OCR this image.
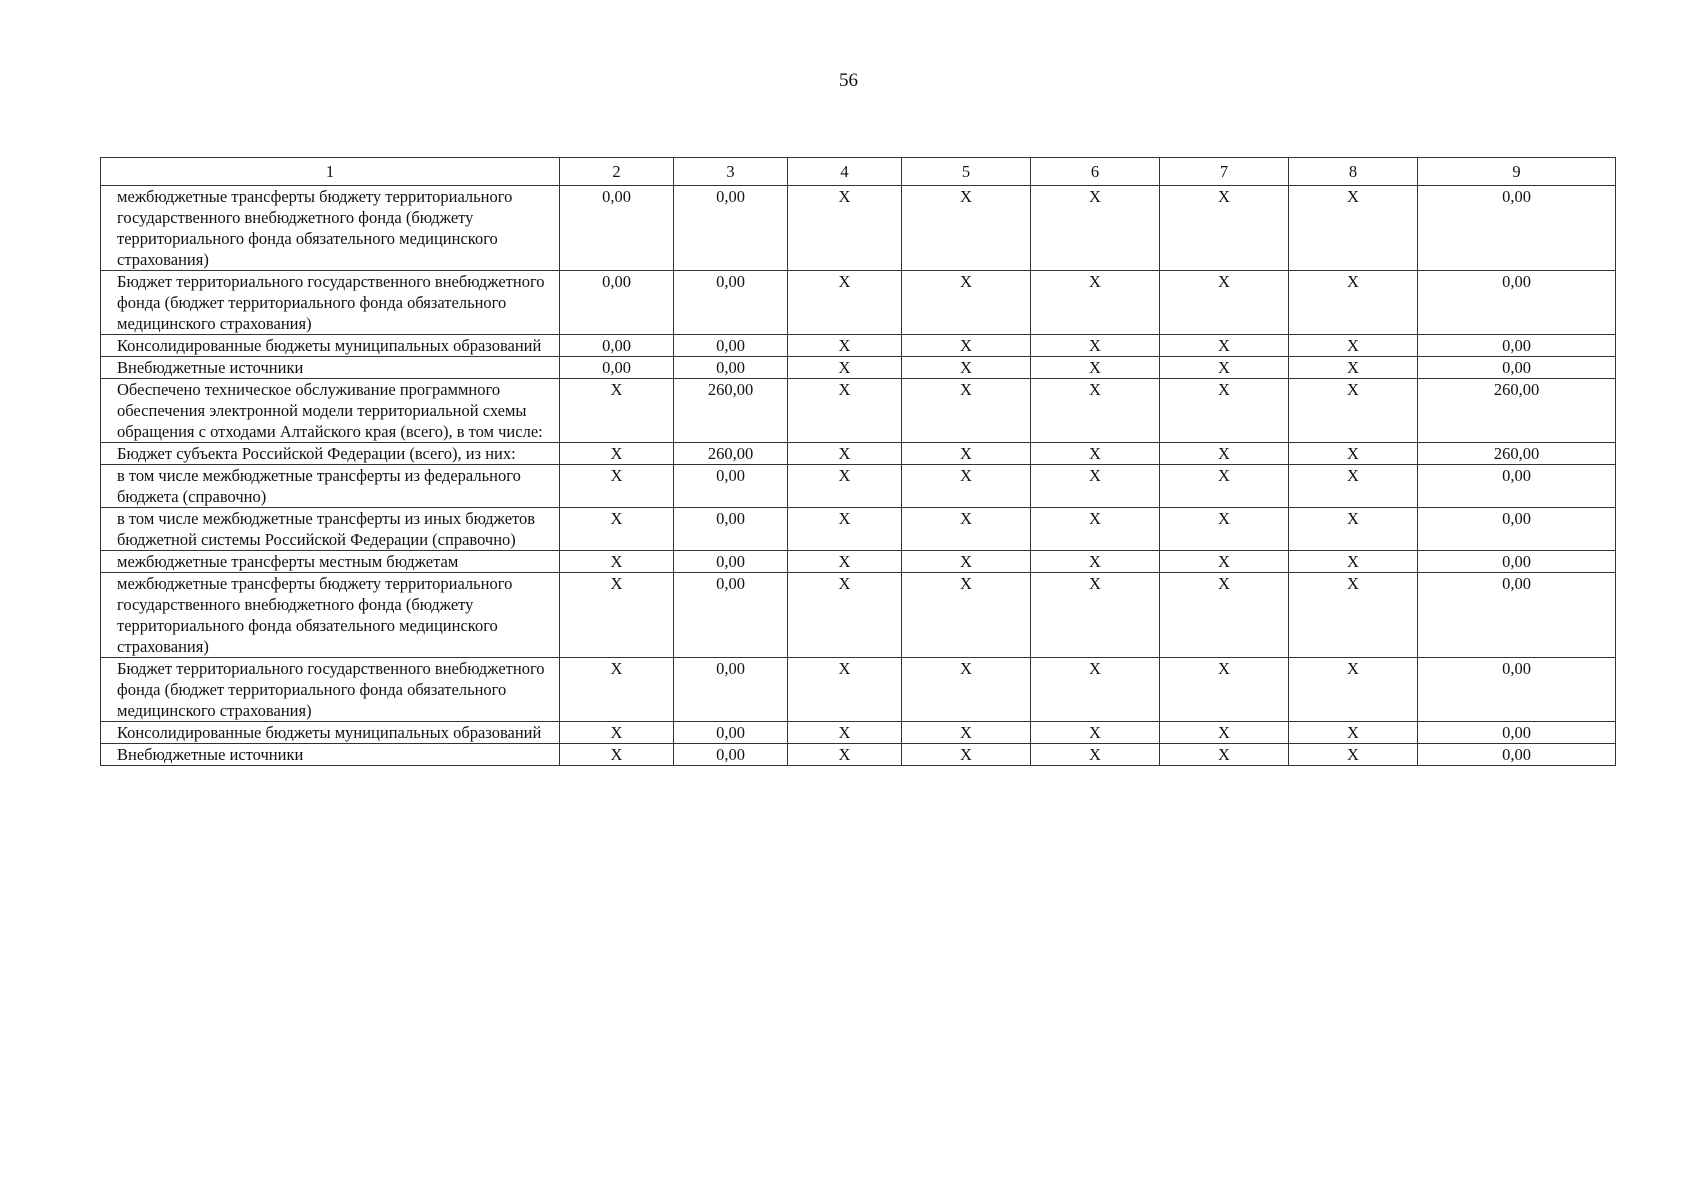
56
1	2	3	4	5	6	7	8	9
межбюджетные трансферты бюджету территориального государственного внебюджетного фонда (бюджету территориального фонда обязательного медицинского страхования)	0,00	0,00	X	X	X	X	X	0,00
Бюджет территориального государственного внебюджетного фонда (бюджет территориального фонда обязательного медицинского страхования)	0,00	0,00	X	X	X	X	X	0,00
Консолидированные бюджеты муниципальных образований	0,00	0,00	X	X	X	X	X	0,00
Внебюджетные источники	0,00	0,00	X	X	X	X	X	0,00
Обеспечено техническое обслуживание программного обеспечения электронной модели территориальной схемы обращения с отходами Алтайского края (всего), в том числе:	X	260,00	X	X	X	X	X	260,00
Бюджет субъекта Российской Федерации (всего), из них:	X	260,00	X	X	X	X	X	260,00
в том числе межбюджетные трансферты из федерального бюджета (справочно)	X	0,00	X	X	X	X	X	0,00
в том числе межбюджетные трансферты из иных бюджетов бюджетной системы Российской Федерации (справочно)	X	0,00	X	X	X	X	X	0,00
межбюджетные трансферты местным бюджетам	X	0,00	X	X	X	X	X	0,00
межбюджетные трансферты бюджету территориального государственного внебюджетного фонда (бюджету территориального фонда обязательного медицинского страхования)	X	0,00	X	X	X	X	X	0,00
Бюджет территориального государственного внебюджетного фонда (бюджет территориального фонда обязательного медицинского страхования)	X	0,00	X	X	X	X	X	0,00
Консолидированные бюджеты муниципальных образований	X	0,00	X	X	X	X	X	0,00
Внебюджетные источники	X	0,00	X	X	X	X	X	0,00
